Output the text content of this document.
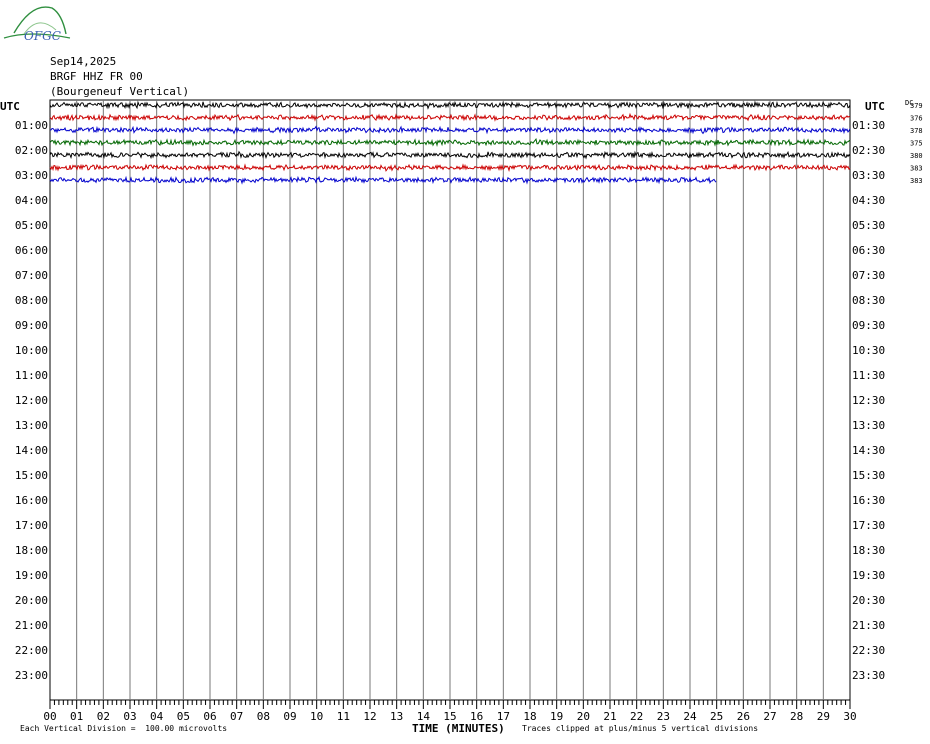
OFGC
Sep14,2025
BRGF HHZ FR 00
(Bourgeneuf Vertical)
UTC	UTC	DC
00 01 02 03 04 05 06 07 08 09 10 11 12 13 14 15 16 17 18 19 20 21 22 23 24 25 26 27 28 29 30
01:00
02:00
03:00
04:00
05:00
06:00
07:00
08:00
09:00
10:00
11:00
12:00
13:00
14:00
15:00
16:00
17:00
18:00
19:00
20:00
21:00
22:00
23:00
01:30
02:30
03:30
04:30
05:30
06:30
07:30
08:30
09:30
10:30
11:30
12:30
13:30
14:30
15:30
16:30
17:30
18:30
19:30
20:30
21:30
22:30
23:30
379
376
378
375
380
383
383
Each Vertical Division =  100.00 microvolts	TIME (MINUTES) Traces clipped at plus/minus 5 vertical divisions
